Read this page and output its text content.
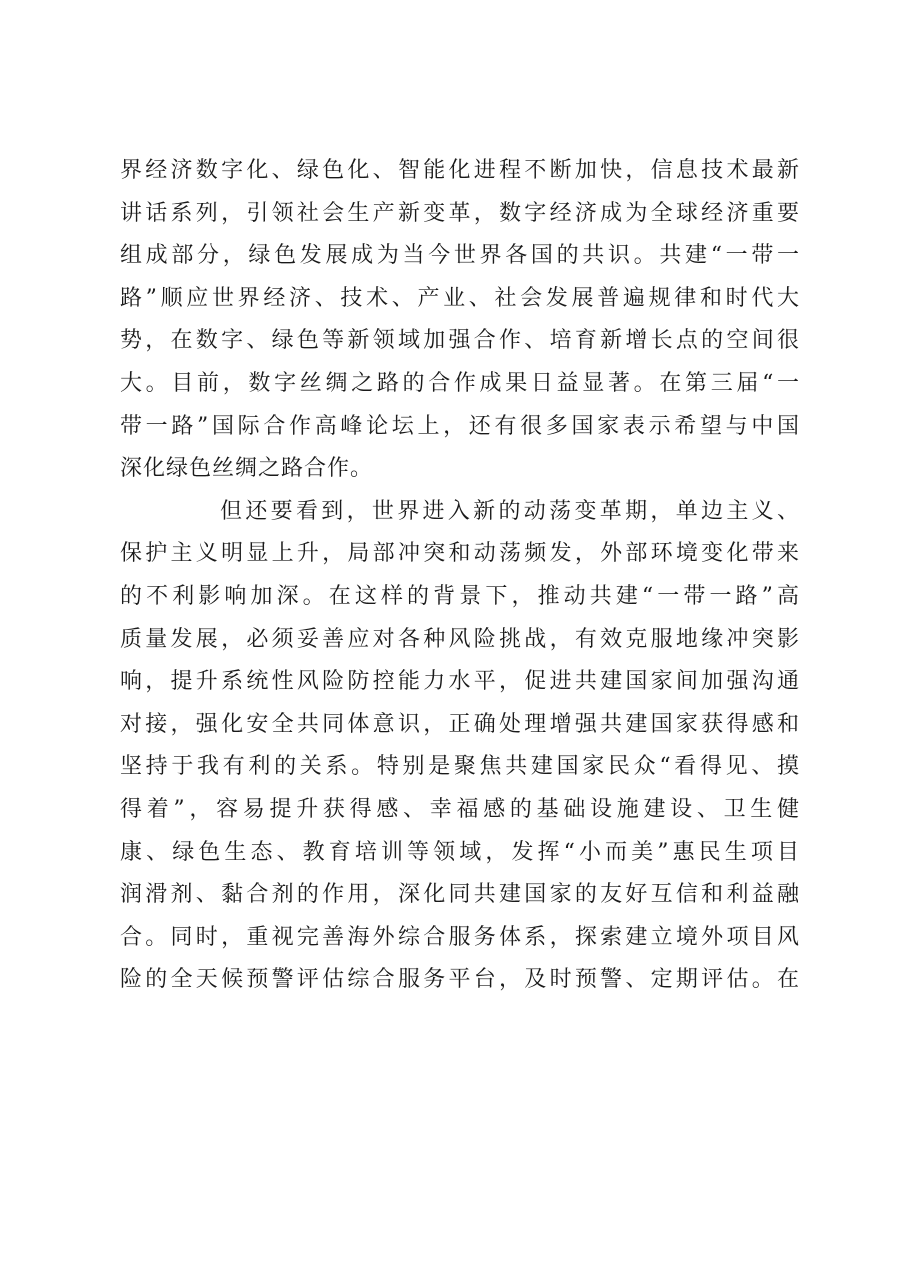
界经济数字化、绿色化、智能化进程不断加快，信息技术最新
讲话系列，引领社会生产新变革，数字经济成为全球经济重要
组成部分，绿色发展成为当今世界各国的共识。共建“一带一
路”顺应世界经济、技术、产业、社会发展普遍规律和时代大
势，在数字、绿色等新领域加强合作、培育新增长点的空间很
大。目前，数字丝绸之路的合作成果日益显著。在第三届“一
带一路”国际合作高峰论坛上，还有很多国家表示希望与中国
深化绿色丝绸之路合作。
但还要看到，世界进入新的动荡变革期，单边主义、
保护主义明显上升，局部冲突和动荡频发，外部环境变化带来
的不利影响加深。在这样的背景下，推动共建“一带一路”高
质量发展，必须妥善应对各种风险挑战，有效克服地缘冲突影
响，提升系统性风险防控能力水平，促进共建国家间加强沟通
对接，强化安全共同体意识，正确处理增强共建国家获得感和
坚持于我有利的关系。特别是聚焦共建国家民众“看得见、摸
得着”，容易提升获得感、幸福感的基础设施建设、卫生健
康、绿色生态、教育培训等领域，发挥“小而美”惠民生项目
润滑剂、黏合剂的作用，深化同共建国家的友好互信和利益融
合。同时，重视完善海外综合服务体系，探索建立境外项目风
险的全天候预警评估综合服务平台，及时预警、定期评估。在
